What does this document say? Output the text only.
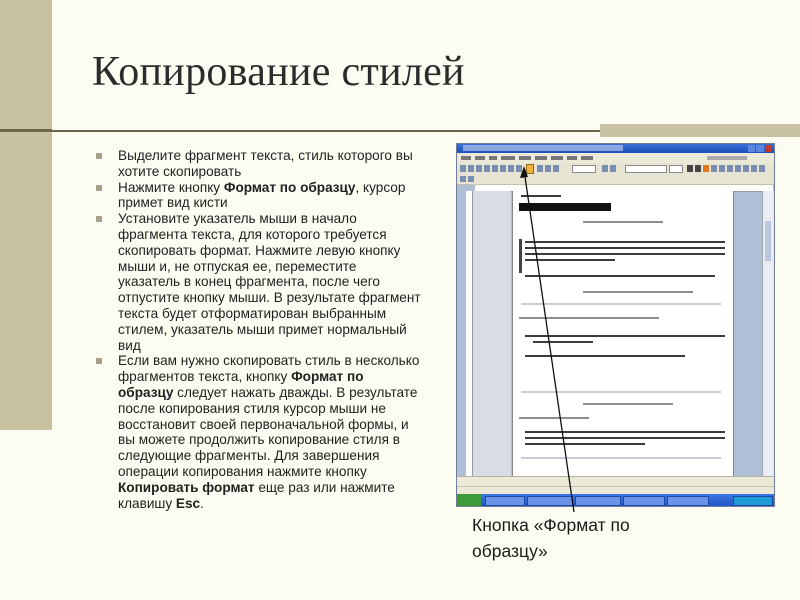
Копирование стилей
Выделите фрагмент текста, стиль которого вы хотите скопировать
Нажмите кнопку Формат по образцу, курсор примет вид кисти
Установите указатель мыши в начало фрагмента текста, для которого требуется скопировать формат. Нажмите левую кнопку мыши и, не отпуская ее, переместите указатель в конец фрагмента, после чего отпустите кнопку мыши. В результате фрагмент текста будет отформатирован выбранным стилем, указатель мыши примет нормальный вид
Если вам нужно скопировать стиль в несколько фрагментов текста, кнопку Формат по образцу следует нажать дважды. В результате после копирования стиля курсор мыши не восстановит своей первоначальной формы, и вы можете продолжить копирование стиля в следующие фрагменты. Для завершения операции копирования нажмите кнопку Копировать формат еще раз или нажмите клавишу Esc.
Кнопка «Формат по образцу»
